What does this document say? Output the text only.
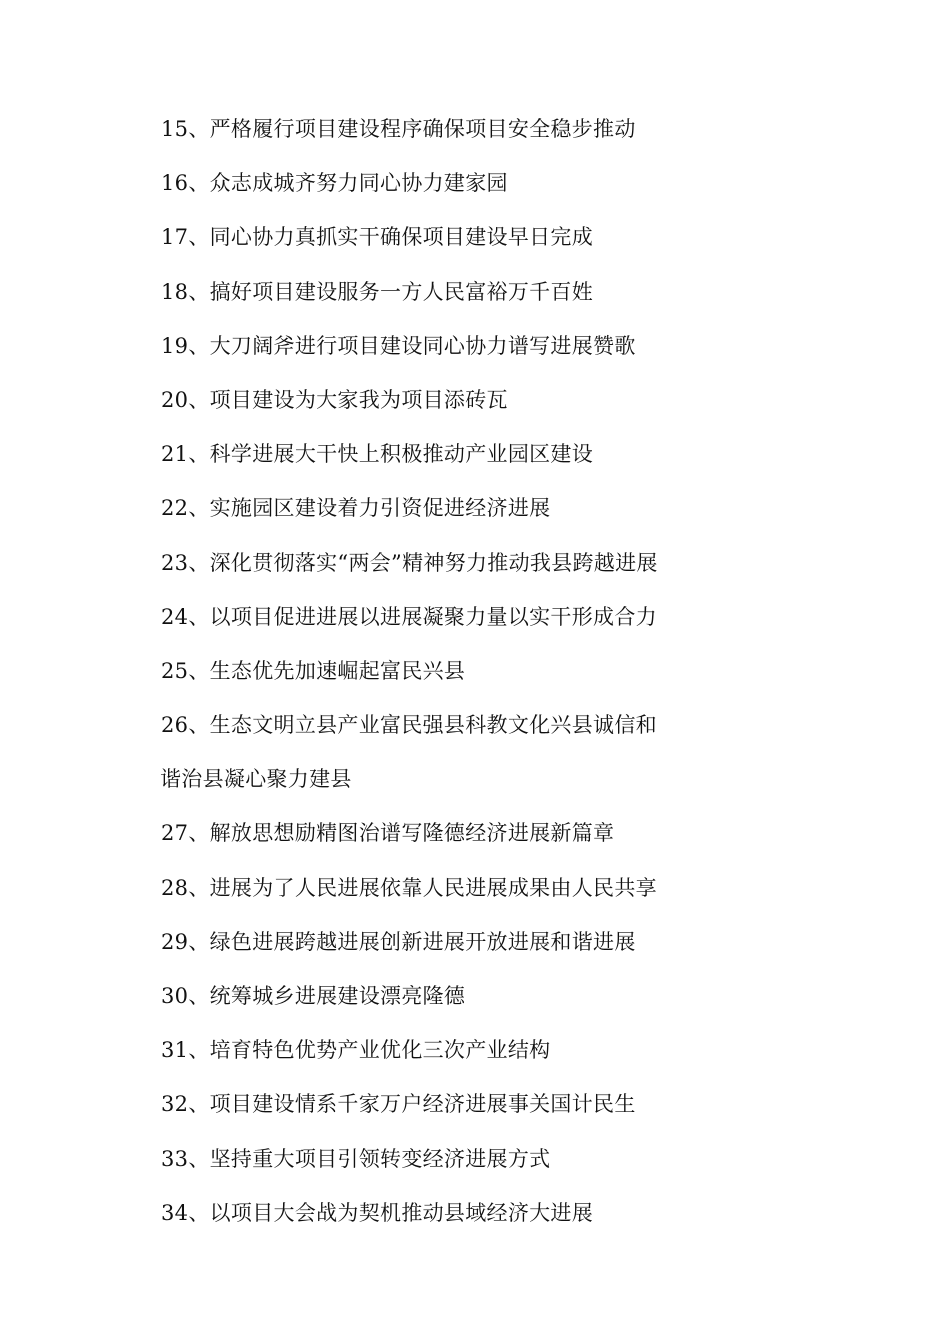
15、严格履行项目建设程序确保项目安全稳步推动
16、众志成城齐努力同心协力建家园
17、同心协力真抓实干确保项目建设早日完成
18、搞好项目建设服务一方人民富裕万千百姓
19、大刀阔斧进行项目建设同心协力谱写进展赞歌
20、项目建设为大家我为项目添砖瓦
21、科学进展大干快上积极推动产业园区建设
22、实施园区建设着力引资促进经济进展
23、深化贯彻落实“两会”精神努力推动我县跨越进展
24、以项目促进进展以进展凝聚力量以实干形成合力
25、生态优先加速崛起富民兴县
26、生态文明立县产业富民强县科教文化兴县诚信和
谐治县凝心聚力建县
27、解放思想励精图治谱写隆德经济进展新篇章
28、进展为了人民进展依靠人民进展成果由人民共享
29、绿色进展跨越进展创新进展开放进展和谐进展
30、统筹城乡进展建设漂亮隆德
31、培育特色优势产业优化三次产业结构
32、项目建设情系千家万户经济进展事关国计民生
33、坚持重大项目引领转变经济进展方式
34、以项目大会战为契机推动县域经济大进展
